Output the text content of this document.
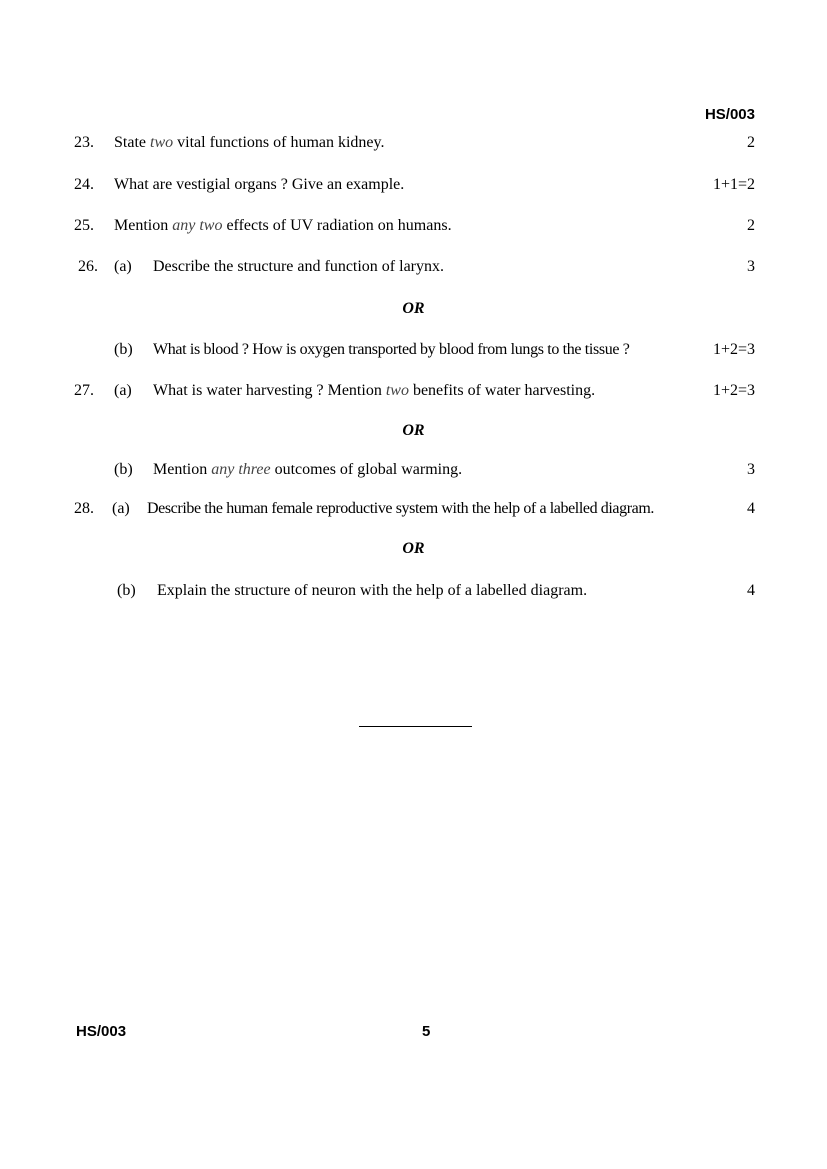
HS/003
23. State two vital functions of human kidney.	2
24. What are vestigial organs ? Give an example.	1+1=2
25. Mention any two effects of UV radiation on humans.	2
26. (a) Describe the structure and function of larynx.	3
OR
(b) What is blood ? How is oxygen transported by blood from lungs to the tissue ?	1+2=3
27. (a) What is water harvesting ? Mention two benefits of water harvesting.	1+2=3
OR
(b) Mention any three outcomes of global warming.	3
28. (a) Describe the human female reproductive system with the help of a labelled diagram.	4
OR
(b) Explain the structure of neuron with the help of a labelled diagram.	4
HS/003	5
